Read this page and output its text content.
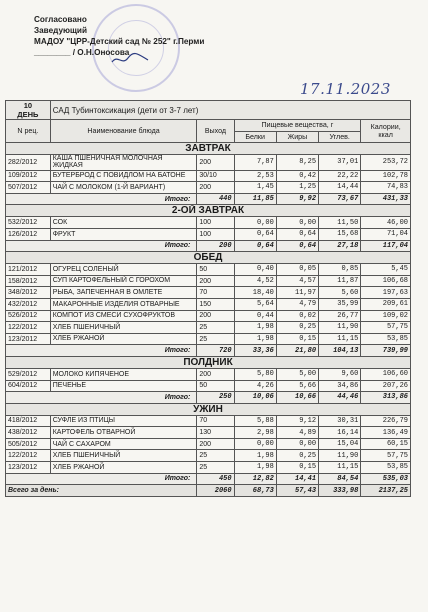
Согласовано
Заведующий
МАДОУ "ЦРР-Детский сад № 252" г.Перми
________ / О.Н.Оносова
17.11.2023
10
ДЕНЬ	САД Тубинтоксикация (дети от 3-7 лет)					
N рец.	Наименование блюда	Выход	Пищевые вещества, г			Калории, ккал
			Белки	Жиры	Углев.	
ЗАВТРАК						
282/2012	КАША ПШЕНИЧНАЯ МОЛОЧНАЯ ЖИДКАЯ	200	7,87	8,25	37,01	253,72
109/2012	БУТЕРБРОД С ПОВИДЛОМ НА БАТОНЕ	30/10	2,53	0,42	22,22	102,78
507/2012	ЧАЙ С МОЛОКОМ (1-Й ВАРИАНТ)	200	1,45	1,25	14,44	74,83
Итого:		440	11,85	9,92	73,67	431,33
2-ОЙ ЗАВТРАК						
532/2012	СОК	100	0,00	0,00	11,50	46,00
126/2012	ФРУКТ	100	0,64	0,64	15,68	71,04
Итого:		200	0,64	0,64	27,18	117,04
ОБЕД						
121/2012	ОГУРЕЦ СОЛЕНЫЙ	50	0,40	0,05	0,85	5,45
158/2012	СУП КАРТОФЕЛЬНЫЙ С ГОРОХОМ	200	4,52	4,57	11,87	106,68
348/2012	РЫБА, ЗАПЕЧЕННАЯ В ОМЛЕТЕ	70	18,40	11,97	5,60	197,63
432/2012	МАКАРОННЫЕ ИЗДЕЛИЯ ОТВАРНЫЕ	150	5,64	4,79	35,99	209,61
526/2012	КОМПОТ ИЗ СМЕСИ СУХОФРУКТОВ	200	0,44	0,02	26,77	109,02
122/2012	ХЛЕБ ПШЕНИЧНЫЙ	25	1,98	0,25	11,90	57,75
123/2012	ХЛЕБ РЖАНОЙ	25	1,98	0,15	11,15	53,85
Итого:		720	33,36	21,80	104,13	739,99
ПОЛДНИК						
529/2012	МОЛОКО КИПЯЧЕНОЕ	200	5,80	5,00	9,60	106,60
604/2012	ПЕЧЕНЬЕ	50	4,26	5,66	34,86	207,26
Итого:		250	10,06	10,66	44,46	313,86
УЖИН						
418/2012	СУФЛЕ ИЗ ПТИЦЫ	70	5,88	9,12	30,31	226,79
438/2012	КАРТОФЕЛЬ ОТВАРНОЙ	130	2,98	4,89	16,14	136,49
505/2012	ЧАЙ С САХАРОМ	200	0,00	0,00	15,04	60,15
122/2012	ХЛЕБ ПШЕНИЧНЫЙ	25	1,98	0,25	11,90	57,75
123/2012	ХЛЕБ РЖАНОЙ	25	1,98	0,15	11,15	53,85
Итого:		450	12,82	14,41	84,54	535,03
Всего за день:		2060	68,73	57,43	333,98	2137,25
